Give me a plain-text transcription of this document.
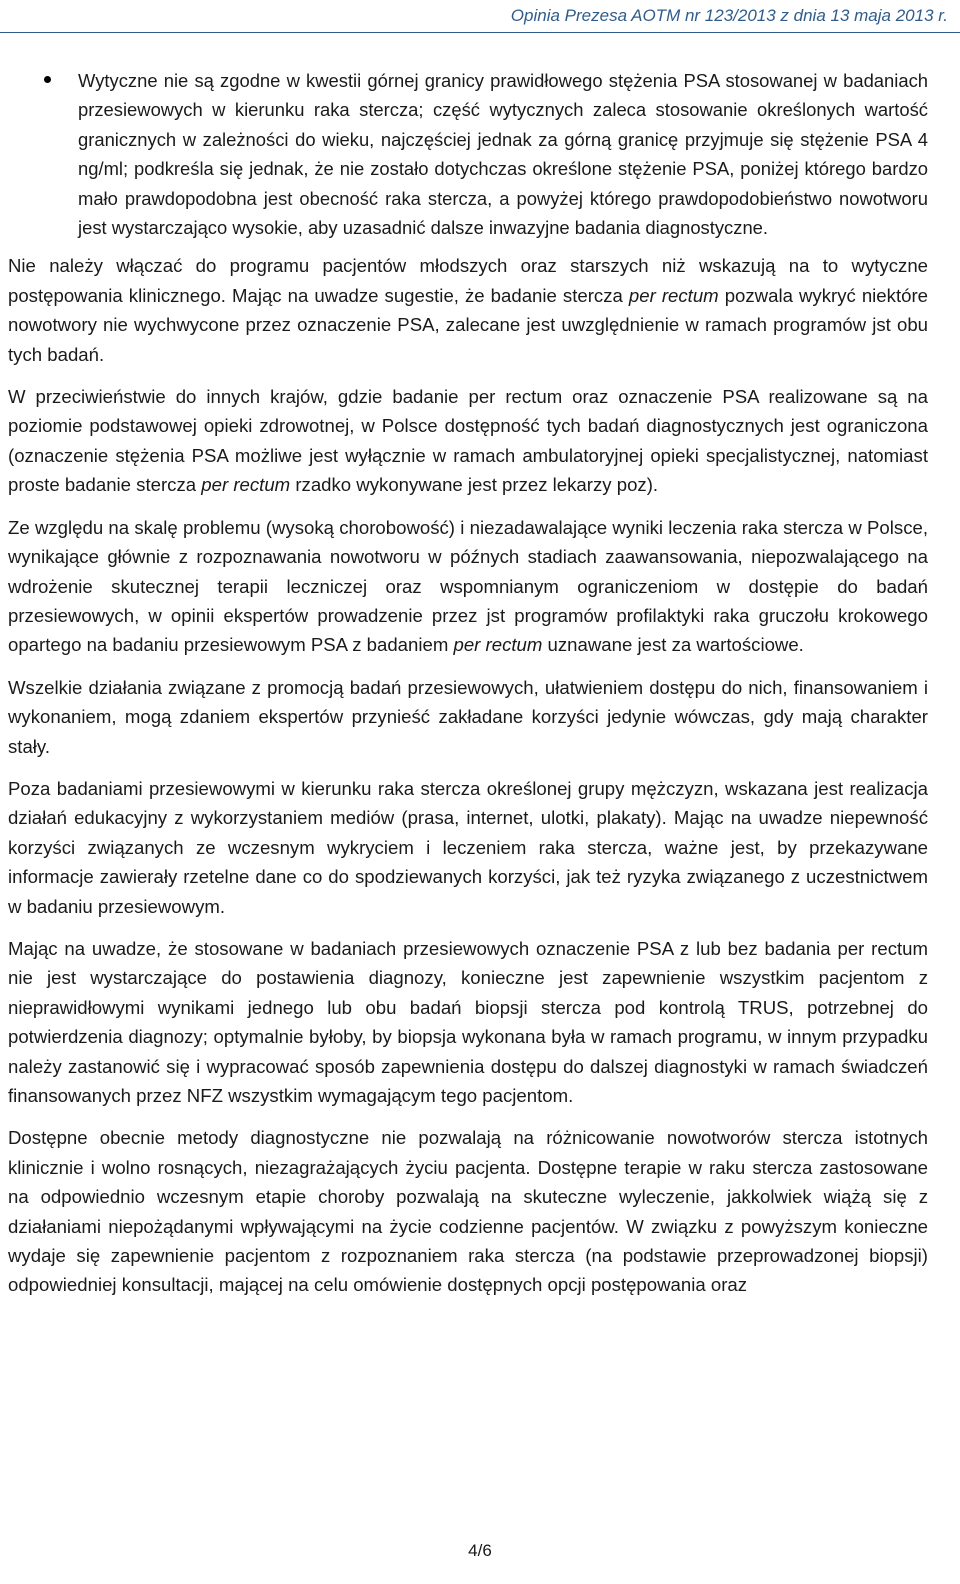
Opinia Prezesa AOTM nr 123/2013 z dnia 13 maja 2013 r.
Wytyczne nie są zgodne w kwestii górnej granicy prawidłowego stężenia PSA stosowanej w badaniach przesiewowych w kierunku raka stercza; część wytycznych zaleca stosowanie określonych wartość granicznych w zależności do wieku, najczęściej jednak za górną granicę przyjmuje się stężenie PSA 4 ng/ml; podkreśla się jednak, że nie zostało dotychczas określone stężenie PSA, poniżej którego bardzo mało prawdopodobna jest obecność raka stercza, a powyżej którego prawdopodobieństwo nowotworu jest wystarczająco wysokie, aby uzasadnić dalsze inwazyjne badania diagnostyczne.

Nie należy włączać do programu pacjentów młodszych oraz starszych niż wskazują na to wytyczne postępowania klinicznego. Mając na uwadze sugestie, że badanie stercza per rectum pozwala wykryć niektóre nowotwory nie wychwycone przez oznaczenie PSA, zalecane jest uwzględnienie w ramach programów jst obu tych badań.

W przeciwieństwie do innych krajów, gdzie badanie per rectum oraz oznaczenie PSA realizowane są na poziomie podstawowej opieki zdrowotnej, w Polsce dostępność tych badań diagnostycznych jest ograniczona (oznaczenie stężenia PSA możliwe jest wyłącznie w ramach ambulatoryjnej opieki specjalistycznej, natomiast proste badanie stercza per rectum rzadko wykonywane jest przez lekarzy poz).

Ze względu na skalę problemu (wysoką chorobowość) i niezadawalające wyniki leczenia raka stercza w Polsce, wynikające głównie z rozpoznawania nowotworu w późnych stadiach zaawansowania, niepozwalającego na wdrożenie skutecznej terapii leczniczej oraz wspomnianym ograniczeniom w dostępie do badań przesiewowych, w opinii ekspertów prowadzenie przez jst programów profilaktyki raka gruczołu krokowego opartego na badaniu przesiewowym PSA z badaniem per rectum uznawane jest za wartościowe.

Wszelkie działania związane z promocją badań przesiewowych, ułatwieniem dostępu do nich, finansowaniem i wykonaniem, mogą zdaniem ekspertów przynieść zakładane korzyści jedynie wówczas, gdy mają charakter stały.

Poza badaniami przesiewowymi w kierunku raka stercza określonej grupy mężczyzn, wskazana jest realizacja działań edukacyjny z wykorzystaniem mediów (prasa, internet, ulotki, plakaty). Mając na uwadze niepewność korzyści związanych ze wczesnym wykryciem i leczeniem raka stercza, ważne jest, by przekazywane informacje zawierały rzetelne dane co do spodziewanych korzyści, jak też ryzyka związanego z uczestnictwem w badaniu przesiewowym.

Mając na uwadze, że stosowane w badaniach przesiewowych oznaczenie PSA z lub bez badania per rectum nie jest wystarczające do postawienia diagnozy, konieczne jest zapewnienie wszystkim pacjentom z nieprawidłowymi wynikami jednego lub obu badań biopsji stercza pod kontrolą TRUS, potrzebnej do potwierdzenia diagnozy; optymalnie byłoby, by biopsja wykonana była w ramach programu, w innym przypadku należy zastanowić się i wypracować sposób zapewnienia dostępu do dalszej diagnostyki w ramach świadczeń finansowanych przez NFZ wszystkim wymagającym tego pacjentom.

Dostępne obecnie metody diagnostyczne nie pozwalają na różnicowanie nowotworów stercza istotnych klinicznie i wolno rosnących, niezagrażających życiu pacjenta. Dostępne terapie w raku stercza zastosowane na odpowiednio wczesnym etapie choroby pozwalają na skuteczne wyleczenie, jakkolwiek wiążą się z działaniami niepożądanymi wpływającymi na życie codzienne pacjentów. W związku z powyższym konieczne wydaje się zapewnienie pacjentom z rozpoznaniem raka stercza (na podstawie przeprowadzonej biopsji) odpowiedniej konsultacji, mającej na celu omówienie dostępnych opcji postępowania oraz

4/6
